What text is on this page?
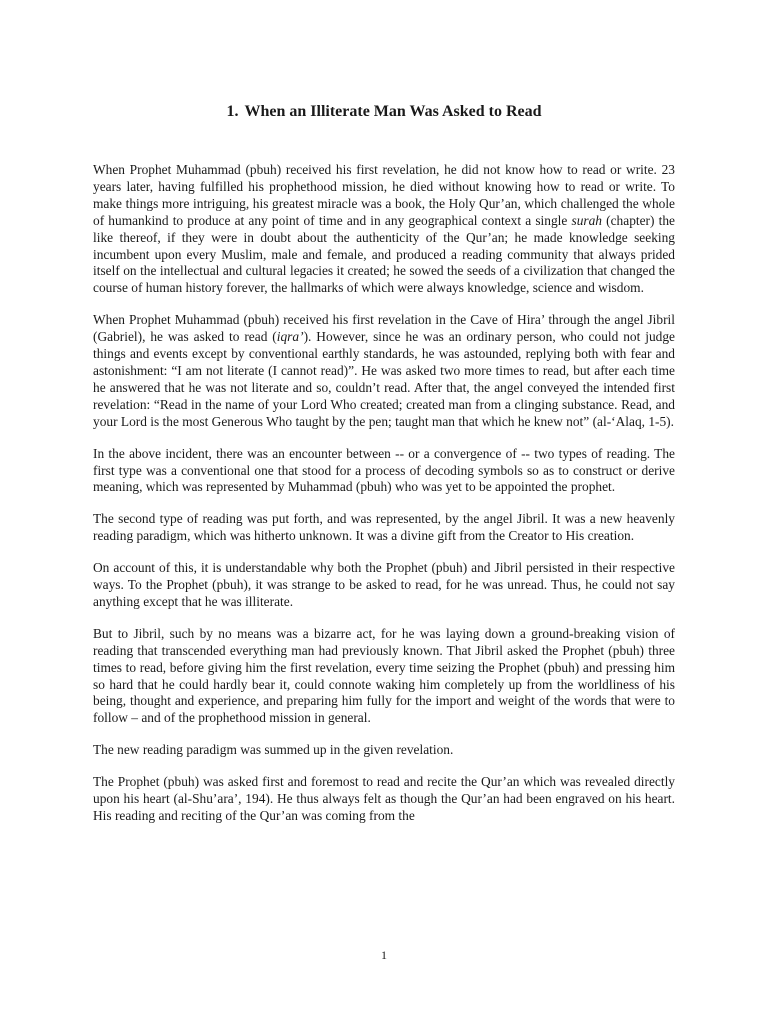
1. When an Illiterate Man Was Asked to Read

When Prophet Muhammad (pbuh) received his first revelation, he did not know how to read or write. 23 years later, having fulfilled his prophethood mission, he died without knowing how to read or write. To make things more intriguing, his greatest miracle was a book, the Holy Qur’an, which challenged the whole of humankind to produce at any point of time and in any geographical context a single surah (chapter) the like thereof, if they were in doubt about the authenticity of the Qur’an; he made knowledge seeking incumbent upon every Muslim, male and female, and produced a reading community that always prided itself on the intellectual and cultural legacies it created; he sowed the seeds of a civilization that changed the course of human history forever, the hallmarks of which were always knowledge, science and wisdom.

When Prophet Muhammad (pbuh) received his first revelation in the Cave of Hira’ through the angel Jibril (Gabriel), he was asked to read (iqra’). However, since he was an ordinary person, who could not judge things and events except by conventional earthly standards, he was astounded, replying both with fear and astonishment: “I am not literate (I cannot read)”. He was asked two more times to read, but after each time he answered that he was not literate and so, couldn’t read. After that, the angel conveyed the intended first revelation: “Read in the name of your Lord Who created; created man from a clinging substance. Read, and your Lord is the most Generous Who taught by the pen; taught man that which he knew not” (al-‘Alaq, 1-5).

In the above incident, there was an encounter between -- or a convergence of -- two types of reading. The first type was a conventional one that stood for a process of decoding symbols so as to construct or derive meaning, which was represented by Muhammad (pbuh) who was yet to be appointed the prophet.

The second type of reading was put forth, and was represented, by the angel Jibril. It was a new heavenly reading paradigm, which was hitherto unknown. It was a divine gift from the Creator to His creation.

On account of this, it is understandable why both the Prophet (pbuh) and Jibril persisted in their respective ways. To the Prophet (pbuh), it was strange to be asked to read, for he was unread. Thus, he could not say anything except that he was illiterate.

But to Jibril, such by no means was a bizarre act, for he was laying down a ground-breaking vision of reading that transcended everything man had previously known. That Jibril asked the Prophet (pbuh) three times to read, before giving him the first revelation, every time seizing the Prophet (pbuh) and pressing him so hard that he could hardly bear it, could connote waking him completely up from the worldliness of his being, thought and experience, and preparing him fully for the import and weight of the words that were to follow – and of the prophethood mission in general.

The new reading paradigm was summed up in the given revelation.

The Prophet (pbuh) was asked first and foremost to read and recite the Qur’an which was revealed directly upon his heart (al-Shu’ara’, 194). He thus always felt as though the Qur’an had been engraved on his heart. His reading and reciting of the Qur’an was coming from the

1
